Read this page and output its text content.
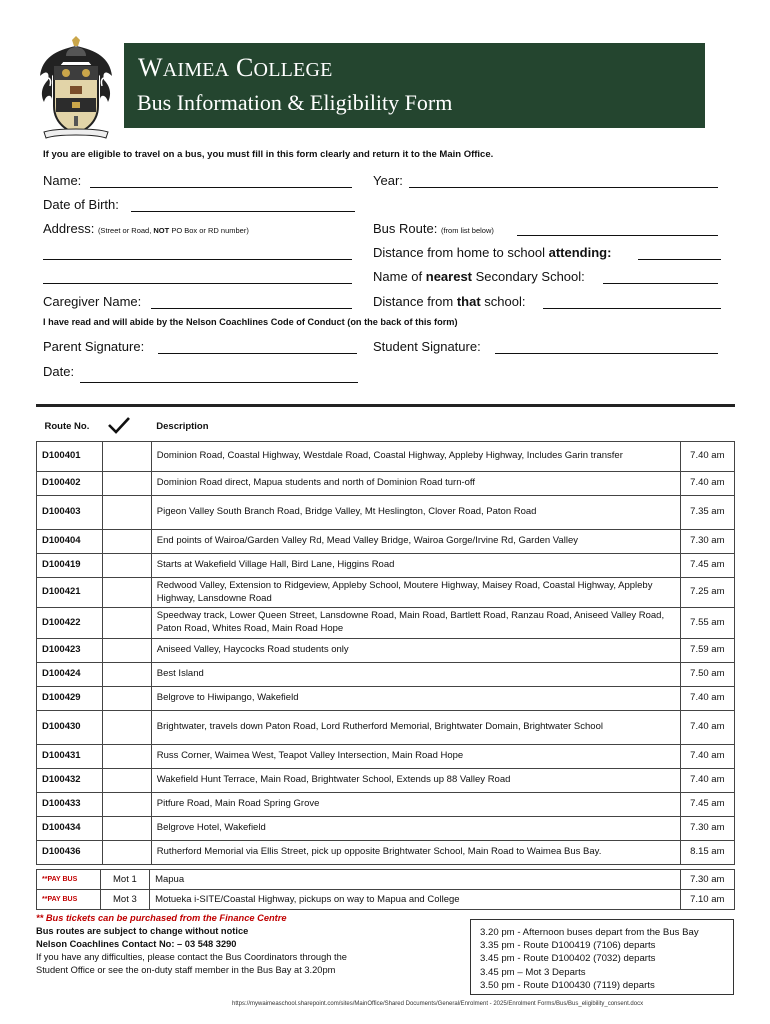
WAIMEA COLLEGE
Bus Information & Eligibility Form
If you are eligible to travel on a bus, you must fill in this form clearly and return it to the Main Office.
Name:
Date of Birth:
Address: (Street or Road, NOT PO Box or RD number)
Caregiver Name:
Year:
Bus Route: (from list below)
Distance from home to school attending:
Name of nearest Secondary School:
Distance from that school:
I have read and will abide by the Nelson Coachlines Code of Conduct (on the back of this form)
Parent Signature:	Student Signature:
Date:
Route No.		Description	
D100401		Dominion Road, Coastal Highway, Westdale Road, Coastal Highway, Appleby Highway, Includes Garin transfer	7.40 am
D100402		Dominion Road direct, Mapua students and north of Dominion Road turn-off	7.40 am
D100403		Pigeon Valley South Branch Road, Bridge Valley, Mt Heslington, Clover Road, Paton Road	7.35 am
D100404		End points of Wairoa/Garden Valley Rd, Mead Valley Bridge, Wairoa Gorge/Irvine Rd, Garden Valley	7.30 am
D100419		Starts at Wakefield Village Hall, Bird Lane, Higgins Road	7.45 am
D100421		Redwood Valley, Extension to Ridgeview, Appleby School, Moutere Highway, Maisey Road, Coastal Highway, Appleby Highway, Lansdowne Road	7.25 am
D100422		Speedway track, Lower Queen Street, Lansdowne Road, Main Road, Bartlett Road, Ranzau Road, Aniseed Valley Road, Paton Road, Whites Road, Main Road Hope	7.55 am
D100423		Aniseed Valley, Haycocks Road students only	7.59 am
D100424		Best Island	7.50 am
D100429		Belgrove to Hiwipango, Wakefield	7.40 am
D100430		Brightwater, travels down Paton Road, Lord Rutherford Memorial, Brightwater Domain, Brightwater School	7.40 am
D100431		Russ Corner, Waimea West, Teapot Valley Intersection, Main Road Hope	7.40 am
D100432		Wakefield Hunt Terrace, Main Road, Brightwater School, Extends up 88 Valley Road	7.40 am
D100433		Pitfure Road, Main Road Spring Grove	7.45 am
D100434		Belgrove Hotel, Wakefield	7.30 am
D100436		Rutherford Memorial via Ellis Street, pick up opposite Brightwater School, Main Road to Waimea Bus Bay.	8.15 am
**PAY BUS	Mot 1	Mapua	7.30 am
**PAY BUS	Mot 3	Motueka i-SITE/Coastal Highway, pickups on way to Mapua and College	7.10 am
** Bus tickets can be purchased from the Finance Centre
Bus routes are subject to change without notice
Nelson Coachlines Contact No: – 03 548 3290
If you have any difficulties, please contact the Bus Coordinators through the
Student Office or see the on-duty staff member in the Bus Bay at 3.20pm
3.20 pm - Afternoon buses depart from the Bus Bay
3.35 pm - Route D100419 (7106) departs
3.45 pm - Route D100402 (7032) departs
3.45 pm – Mot 3 Departs
3.50 pm - Route D100430 (7119) departs
https://mywaimeaschool.sharepoint.com/sites/MainOffice/Shared Documents/General/Enrolment - 2025/Enrolment Forms/Bus/Bus_eligibility_consent.docx
